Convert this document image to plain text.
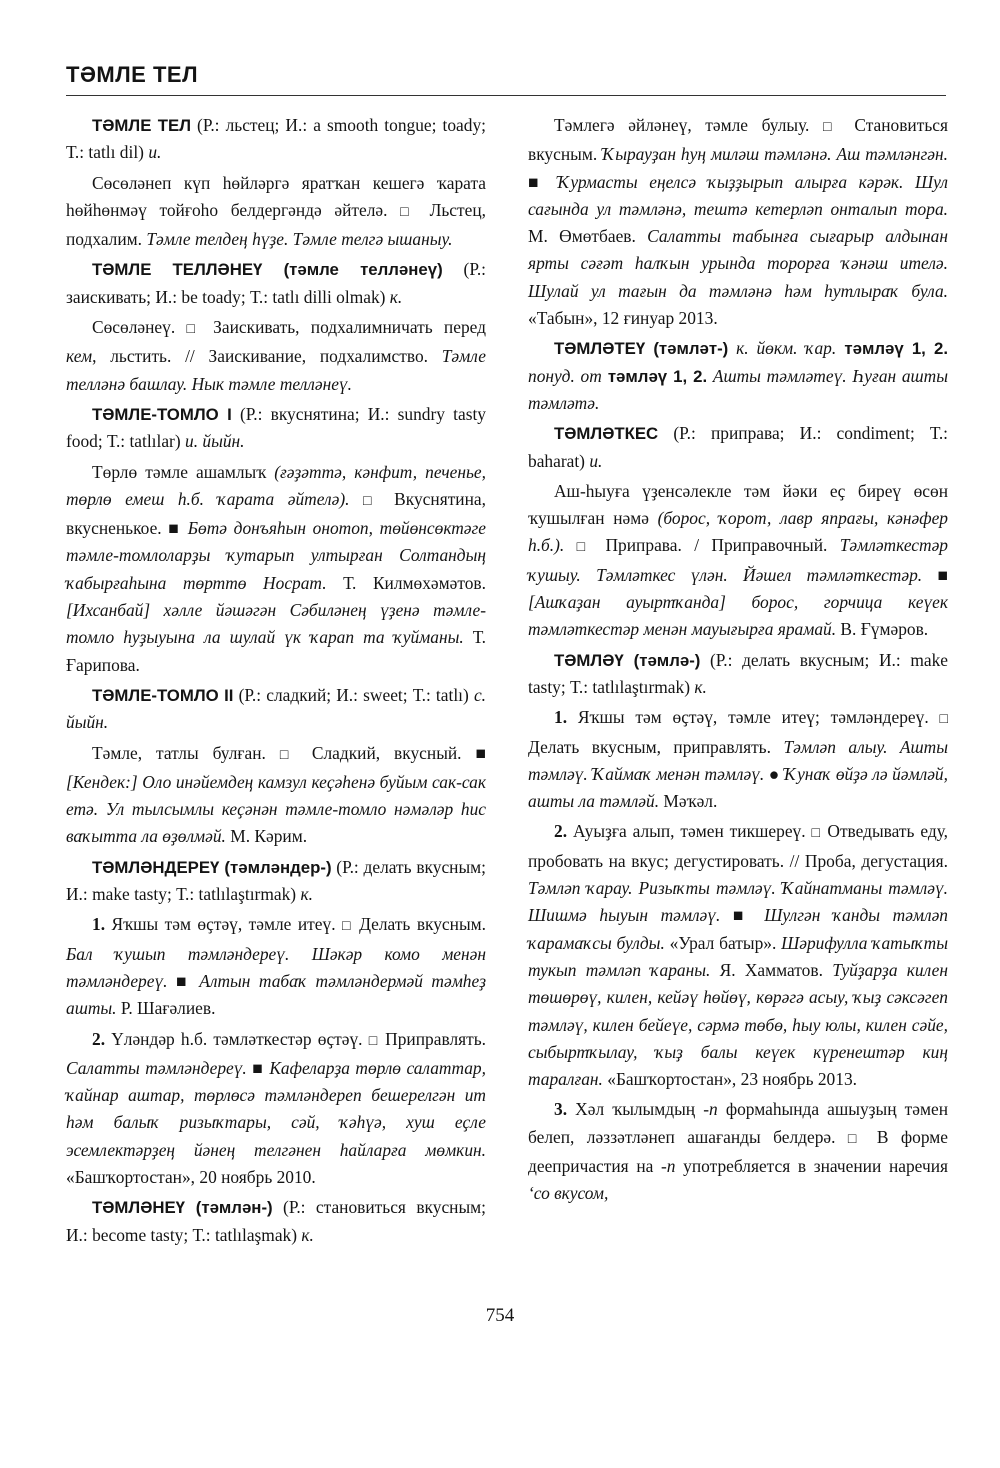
ТӘМЛЕ ТЕЛ

ТӘМЛЕ ТЕЛ (Р.: льстец; И.: a smooth tongue; toady; Т.: tatlı dil) и.

Сөсөләнеп күп һөйләргә яратҡан кешегә ҡарата һөйһөнмәү тойғоһо белдергәндә әйтелә. □ Льстец, подхалим. Тәмле телдең һүҙе. Тәмле телгә ышаныу.

ТӘМЛЕ ТЕЛЛӘНЕҮ (тәмле телләнеү) (Р.: заискивать; И.: be toady; Т.: tatlı dilli olmak) к.

Сөсөләнеү. □ Заискивать, подхалимничать перед кем, льстить. // Заискивание, подхалимство. Тәмле телләнә башлау. Нык тәмле телләнеү.

ТӘМЛЕ-ТОМЛО I (Р.: вкуснятина; И.: sundry tasty food; Т.: tatlılar) и. йыйн.

Төрлө тәмле ашамлыҡ (ғәҙәттә, кәнфит, печенье, төрлө емеш һ.б. ҡарата әйтелә). □ Вкуснятина, вкусненькое. ■ Бөтә донъяһын онотоп, төйөнсөктәге тәмле-томлоларҙы ҡутарып ултырған Солтандың ҡабырғаһына төрттө Носрат. Т. Килмөхәмәтов. [Ихсанбай] хәлле йәшәгән Сәбиләнең үҙенә тәмле-томло һуҙыуына ла шулай үк ҡарап та ҡуйманы. Т. Ғарипова.

ТӘМЛЕ-ТОМЛО II (Р.: сладкий; И.: sweet; Т.: tatlı) с. йыйн.

Тәмле, татлы булған. □ Сладкий, вкусный. ■ [Кендек:] Оло инәйемдең камзул кеҫәһенә буйым сак-сак етә. Ул тылсымлы кеҫәнән тәмле-томло нәмәләр һис ваҡытта ла өҙөлмәй. М. Кәрим.

ТӘМЛӘНДЕРЕҮ (тәмләндер-) (Р.: делать вкусным; И.: make tasty; Т.: tatlılaştırmak) к.

1. Яҡшы тәм өҫтәү, тәмле итеү. □ Делать вкусным. Бал ҡушып тәмләндереү. Шәкәр комо менән тәмләндереү. ■ Алтын табаҡ тәмләндермәй тәмһеҙ ашты. Р. Шағәлиев.

2. Үләндәр һ.б. тәмләткестәр өҫтәү. □ Приправлять. Салатты тәмләндереү. ■ Кафеларҙа төрлө салаттар, ҡайнар аштар, төрлөсә тәмләндереп бешерелгән ит һәм балыҡ ризыҡтары, сәй, ҡәһүә, хуш еҫле эсемлектәрҙең йәнең телгәнен һайларға мөмкин. «Башҡортостан», 20 ноябрь 2010.

ТӘМЛӘНЕҮ (тәмлән-) (Р.: становиться вкусным; И.: become tasty; Т.: tatlılaşmak) к.

Тәмлегә әйләнеү, тәмле булыу. □ Становиться вкусным. Ҡырауҙан һуң миләш тәмләнә. Аш тәмләнгән. ■ Ҡурмасты еңелсә ҡыҙҙырып алырға кәрәк. Шул сағында ул тәмләнә, тештә кетерләп онталып тора. М. Өмөтбаев. Салатты табынға сығарыр алдынан ярты сәғәт һалҡын урында торорға ҡәнәш ителә. Шулай ул тағын да тәмләнә һәм һутлыраҡ була. «Табын», 12 ғинуар 2013.

ТӘМЛӘТЕҮ (тәмләт-) к. йөкм. ҡар. тәмләү 1, 2. понуд. от тәмләү 1, 2. Ашты тәмләтеү. Һуған ашты тәмләтә.

ТӘМЛӘТКЕС (Р.: приправа; И.: condiment; Т.: baharat) и.

Аш-һыуға үҙенсәлекле тәм йәки еҫ биреү өсөн ҡушылған нәмә (борос, ҡорот, лавр япрағы, кәнәфер һ.б.). □ Приправа. / Приправочный. Тәмләткестәр ҡушыу. Тәмләткес үлән. Йәшел тәмләткестәр. ■ [Ашҡаҙан ауыртҡанда] борос, горчица кеүек тәмләткестәр менән мауығырға ярамай. В. Ғүмәров.

ТӘМЛӘҮ (тәмлә-) (Р.: делать вкусным; И.: make tasty; Т.: tatlılaştırmak) к.

1. Яҡшы тәм өҫтәү, тәмле итеү; тәмләндереү. □ Делать вкусным, приправлять. Тәмләп алыу. Ашты тәмләү. Ҡаймаҡ менән тәмләү. ● Ҡунаҡ өйҙә лә йәмләй, ашты ла тәмләй. Мәҡәл.

2. Ауыҙға алып, тәмен тикшереү. □ Отведывать еду, пробовать на вкус; дегустировать. // Проба, дегустация. Тәмләп ҡарау. Ризыҡты тәмләү. Ҡайнатманы тәмләү. Шишмә һыуын тәмләү. ■ Шулгән ҡанды тәмләп ҡарамаҡсы булды. «Урал батыр». Шәрифулла ҡатыҡты тукып тәмләп ҡараны. Я. Хамматов. Туйҙарҙа килен төшөрөү, килен, кейәү һөйөү, көрәгә асыу, ҡыҙ сәксәгеп тәмләү, килен бейеүе, сәрмә төбө, һыу юлы, килен сәйе, сыбыртҡылау, ҡыҙ балы кеүек күренештәр киң таралған. «Башҡортостан», 23 ноябрь 2013.

3. Хәл ҡылымдың -п формаһында ашыуҙың тәмен белеп, ләззәтләнеп ашағанды белдерә. □ В форме деепричастия на -п употребляется в значении наречия ‘со вкусом,

754
